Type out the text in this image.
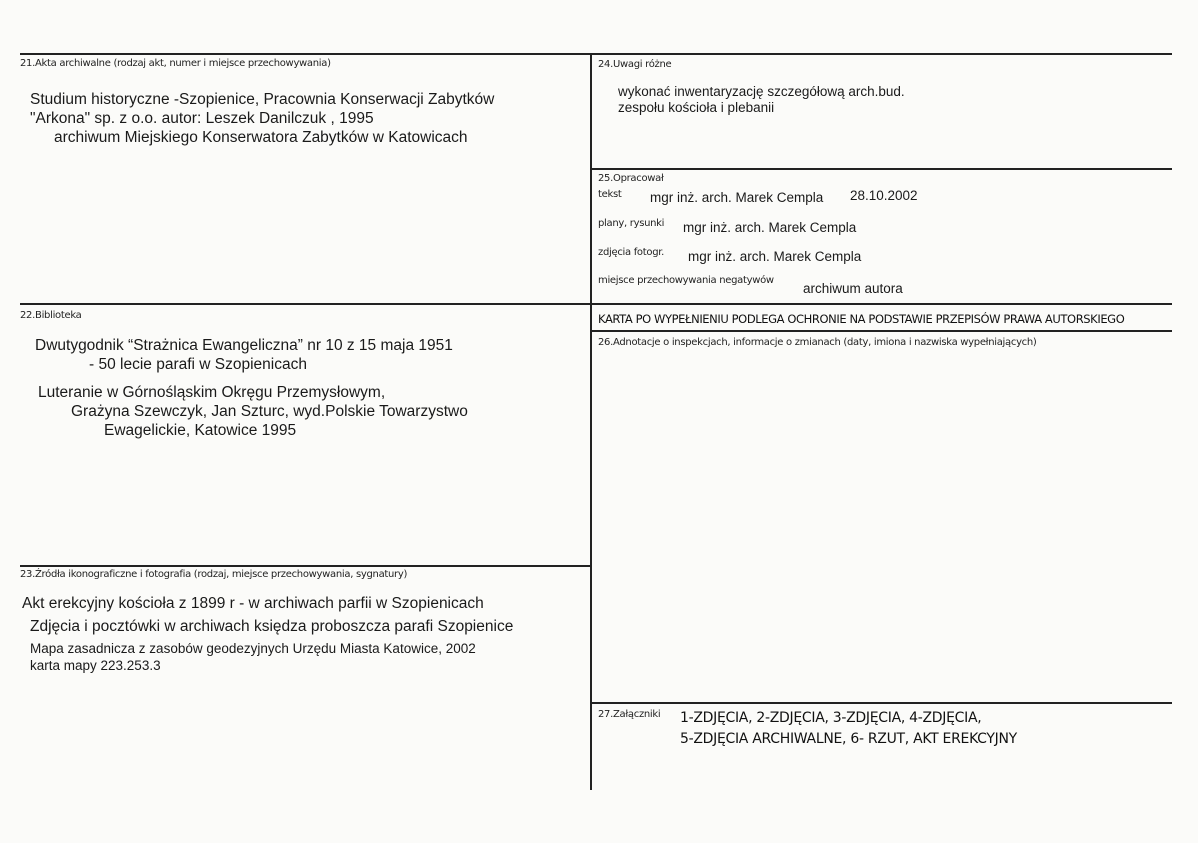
21.Akta archiwalne (rodzaj akt, numer i miejsce przechowywania)
Studium historyczne -Szopienice, Pracownia Konserwacji Zabytków
"Arkona" sp. z o.o. autor: Leszek Danilczuk , 1995
archiwum Miejskiego Konserwatora Zabytków w Katowicach
22.Biblioteka
Dwutygodnik “Strażnica Ewangeliczna” nr 10 z 15 maja 1951
- 50 lecie parafi w Szopienicach
Luteranie w Górnośląskim Okręgu Przemysłowym,
Grażyna Szewczyk, Jan Szturc, wyd.Polskie Towarzystwo
Ewagelickie, Katowice 1995
23.Źródła ikonograficzne i fotografia (rodzaj, miejsce przechowywania, sygnatury)
Akt erekcyjny kościoła z 1899 r - w archiwach parfii w Szopienicach
Zdjęcia i pocztówki w archiwach księdza proboszcza parafi Szopienice
Mapa zasadnicza z zasobów geodezyjnych Urzędu Miasta Katowice, 2002
karta mapy 223.253.3
24.Uwagi różne
wykonać inwentaryzację szczegółową arch.bud.
zespołu kościoła i plebanii
25.Opracował
tekst mgr inż. arch. Marek Cempla 28.10.2002
plany, rysunki mgr inż. arch. Marek Cempla
zdjęcia fotogr. mgr inż. arch. Marek Cempla
miejsce przechowywania negatywów
archiwum autora
KARTA PO WYPEŁNIENIU PODLEGA OCHRONIE NA PODSTAWIE PRZEPISÓW PRAWA AUTORSKIEGO
26.Adnotacje o inspekcjach, informacje o zmianach (daty, imiona i nazwiska wypełniających)
27.Załączniki 1-ZDJĘCIA, 2-ZDJĘCIA, 3-ZDJĘCIA, 4-ZDJĘCIA,
5-ZDJĘCIA ARCHIWALNE, 6- RZUT, AKT EREKCYJNY
